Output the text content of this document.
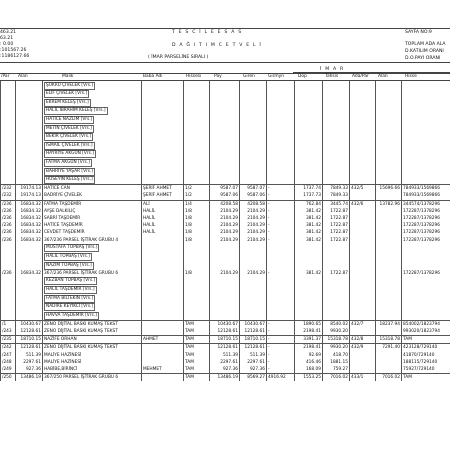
463.21
63.21
: 0.00
:101567.26
:1186127.66
T E S C İ L E E S A S
D A Ğ I T I M C E T V E L İ
( İMAR PARSELİNE SIRALI )
SAYFA NO:9
TOPLAM ADA ALA
D.KATILIM ORANI
D.O.PAYI ORANI
İ M A R
/Par Alan	Malik	Baba Adı	Hissesi	Pay	Giren	Girmyn	Dop	Tahsis	Ada/Par Alan	Hisse
		ŞÜKRÜ ÇİVELEK [Vrs.]										
		ELİF ÇİVELEK [Vrs.]										
		EKREM KELEŞ [Vrs.]										
		HALİL İBRAHİM KELEŞ [Vrs.]										
		HATİCE NAZLIM [Vrs.]										
		METİN ÇİVELEK [Vrs.]										
		BEKİR ÇİVELEK [Vrs.]										
		İSMAİL ÇİVELEK [Vrs.]										
		HAYRİYE AKGÜN [Vrs.]										
		FATMA AKGÜN [Vrs.]										
		BAHRİYE YAŞAR [Vrs.]										
		HÜSEYİN KELEŞ [Vrs.]										
/232	19174.13	HATİCE CAN	ŞERİF AHMET	1/2	9587.07	9587.07	-	1737.74	7849.33	432/5	15696.66	784933/1569866
/232	19174.13	BADRİYE ÇİVELEK	ŞERİF AHMET	1/2	9587.06	9587.06	-	1737.73	7849.33			784933/1569866
/236	16834.32	FATMA TAŞDEMİR	ALİ	1/4	4208.58	4208.58	-	762.84	3445.74	432/6	13782.96	344574/1378296
/236	16834.32	AYŞE DALKILIÇ	HALİL	1/8	2104.29	2104.29	-	381.42	1722.87			172287/1378296
/236	16834.32	SABRİ TAŞDEMİR	HALİL	1/8	2104.29	2104.29	-	381.42	1722.87			172287/1378296
/236	16834.32	HATİCE TAŞDEMİR	HALİL	1/8	2104.29	2104.29	-	381.42	1722.87			172287/1378296
/236	16834.32	CEVDET TAŞDEMİR	HALİL	1/8	2104.29	2104.29	-	381.42	1722.87			172287/1378296
/236	16834.32	367/236 PARSEL İŞTİRAK GRUBU 4		1/8	2104.29	2104.29	-	381.42	1722.87			172287/1378296
		MUSTAFA TOPBAŞ [Vrs.]										
		HALİL TOPBAŞ [Vrs.]										
		NAZIM TOPBAŞ [Vrs.]										
/236	16834.32	367/236 PARSEL İŞTİRAK GRUBU 6		1/8	2104.29	2104.29	-	381.42	1722.87			172287/1378296
		KEZBAN TOPBAŞ [Vrs.]										
		HALİL TAŞDEMİR [Vrs.]										
		FATMA BİLTEKİN [Vrs.]										
		NADİRE KEYİKCİ [Vrs.]										
		HAVVA TAŞDEMİR [Vrs.]										
/1	10430.67	ZENO DİJİTAL BASKI KUMAŞ TEKST		TAM	10430.67	10430.67	-	1890.65	8540.02	432/7	18237.94	854002/1823794
/243	12128.61	ZENO DİJİTAL BASKI KUMAŞ TEKST		TAM	12128.61	12128.61	-	2198.41	9930.20			993020/1823794
/235	18710.15	NAZİFE ORHAN	AHMET	TAM	18710.15	18710.15	-	3391.37	15318.78	432/8	15318.78	TAM
/242	12128.61	ZENO DİJİTAL BASKI KUMAŞ TEKST		TAM	12128.61	12128.61	-	2198.41	9930.20	432/9	7291.40	423128/729140
/247	511.39	MALİYE HAZİNESİ		TAM	511.39	511.39	-	92.69	418.70			41870/729140
/248	2297.61	MALİYE HAZİNESİ		TAM	2297.61	2297.61	-	416.46	1881.15			188115/729140
/249	927.36	HABİBE,BİRİNCİ	MEHMET	TAM	927.36	927.36	-	168.09	759.27			75927/729140
/250	13486.19	367/250 PARSEL İŞTİRAK GRUBU 6		TAM	13486.19	8569.27	4916.92	1553.25	7016.02	433/1	7016.02	TAM
